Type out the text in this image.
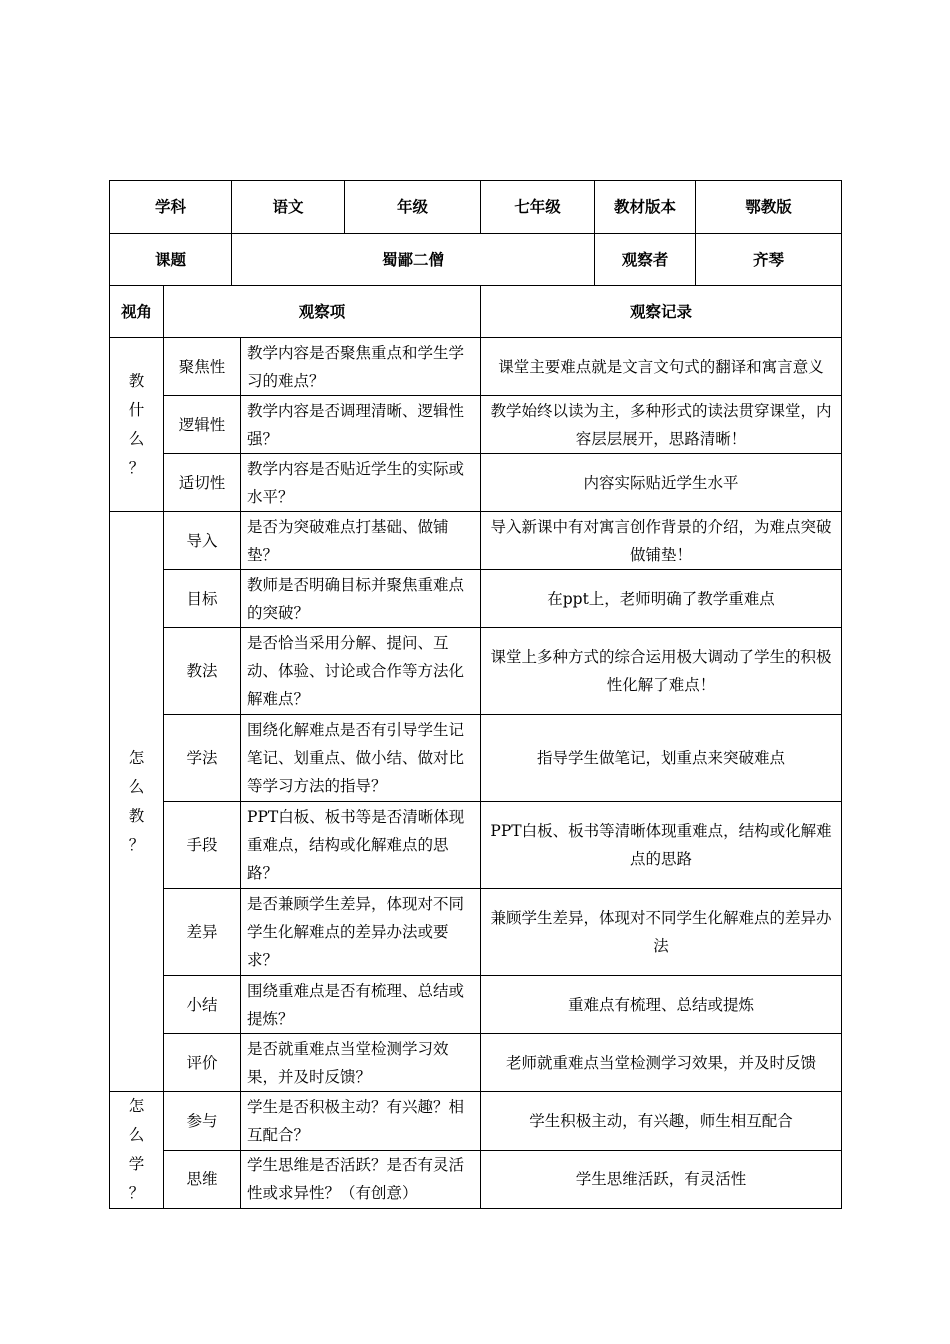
学科		语文		年级	七年级	教材版本	鄂教版
课题		蜀鄙二僧				观察者	齐琴
视角	观察项				观察记录		
教
什
么
？	聚焦性		教学内容是否聚焦重点和学生学习的难点？		课堂主要难点就是文言文句式的翻译和寓言意义		
	逻辑性		教学内容是否调理清晰、逻辑性强？		教学始终以读为主，多种形式的读法贯穿课堂，内容层层展开，思路清晰！		
	适切性		教学内容是否贴近学生的实际或水平？		内容实际贴近学生水平		
怎
么
教
？	导入		是否为突破难点打基础、做铺垫？		导入新课中有对寓言创作背景的介绍，为难点突破做铺垫！		
	目标		教师是否明确目标并聚焦重难点的突破？		在ppt上，老师明确了教学重难点		
	教法		是否恰当采用分解、提问、互动、体验、讨论或合作等方法化解难点？		课堂上多种方式的综合运用极大调动了学生的积极性化解了难点！		
	学法		围绕化解难点是否有引导学生记笔记、划重点、做小结、做对比等学习方法的指导？		指导学生做笔记，划重点来突破难点		
	手段		PPT白板、板书等是否清晰体现重难点，结构或化解难点的思路？		PPT白板、板书等清晰体现重难点，结构或化解难点的思路		
	差异		是否兼顾学生差异，体现对不同学生化解难点的差异办法或要求？		兼顾学生差异，体现对不同学生化解难点的差异办法		
	小结		围绕重难点是否有梳理、总结或提炼？		重难点有梳理、总结或提炼		
	评价		是否就重难点当堂检测学习效果，并及时反馈？		老师就重难点当堂检测学习效果，并及时反馈		
怎
么
学
？	参与		学生是否积极主动？有兴趣？相互配合？		学生积极主动，有兴趣，师生相互配合		
	思维		学生思维是否活跃？是否有灵活性或求异性？（有创意）		学生思维活跃，有灵活性		
